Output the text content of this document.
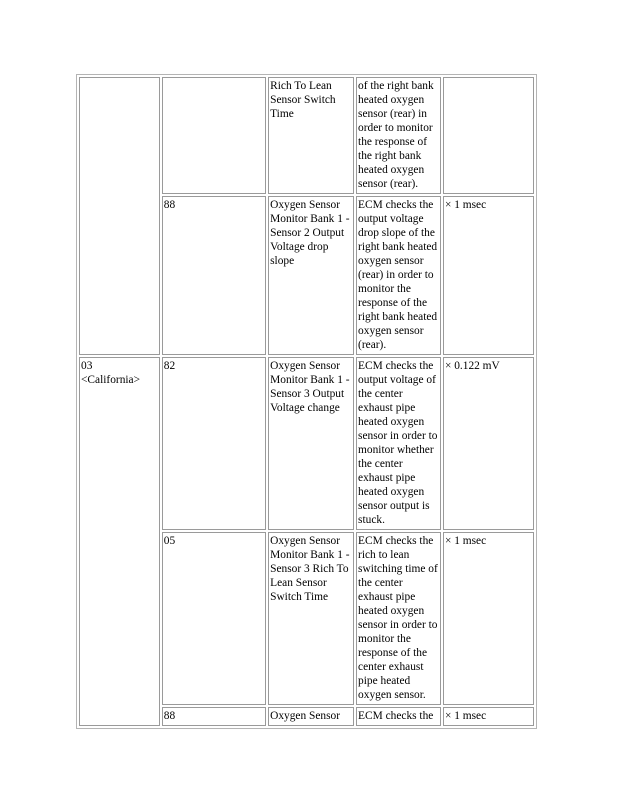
		Rich To Lean Sensor Switch Time	of the right bank heated oxygen sensor (rear) in order to monitor the response of the right bank heated oxygen sensor (rear).	

	88	Oxygen Sensor Monitor Bank 1 - Sensor 2 Output Voltage drop slope	ECM checks the output voltage drop slope of the right bank heated oxygen sensor (rear) in order to monitor the response of the right bank heated oxygen sensor (rear).	× 1 msec

03
<California>	82	Oxygen Sensor Monitor Bank 1 - Sensor 3 Output Voltage change	ECM checks the output voltage of the center exhaust pipe heated oxygen sensor in order to monitor whether the center exhaust pipe heated oxygen sensor output is stuck.	× 0.122 mV

	05	Oxygen Sensor Monitor Bank 1 - Sensor 3 Rich To Lean Sensor Switch Time	ECM checks the rich to lean switching time of the center exhaust pipe heated oxygen sensor in order to monitor the response of the center exhaust pipe heated oxygen sensor.	× 1 msec

	88	Oxygen Sensor	ECM checks the	× 1 msec
